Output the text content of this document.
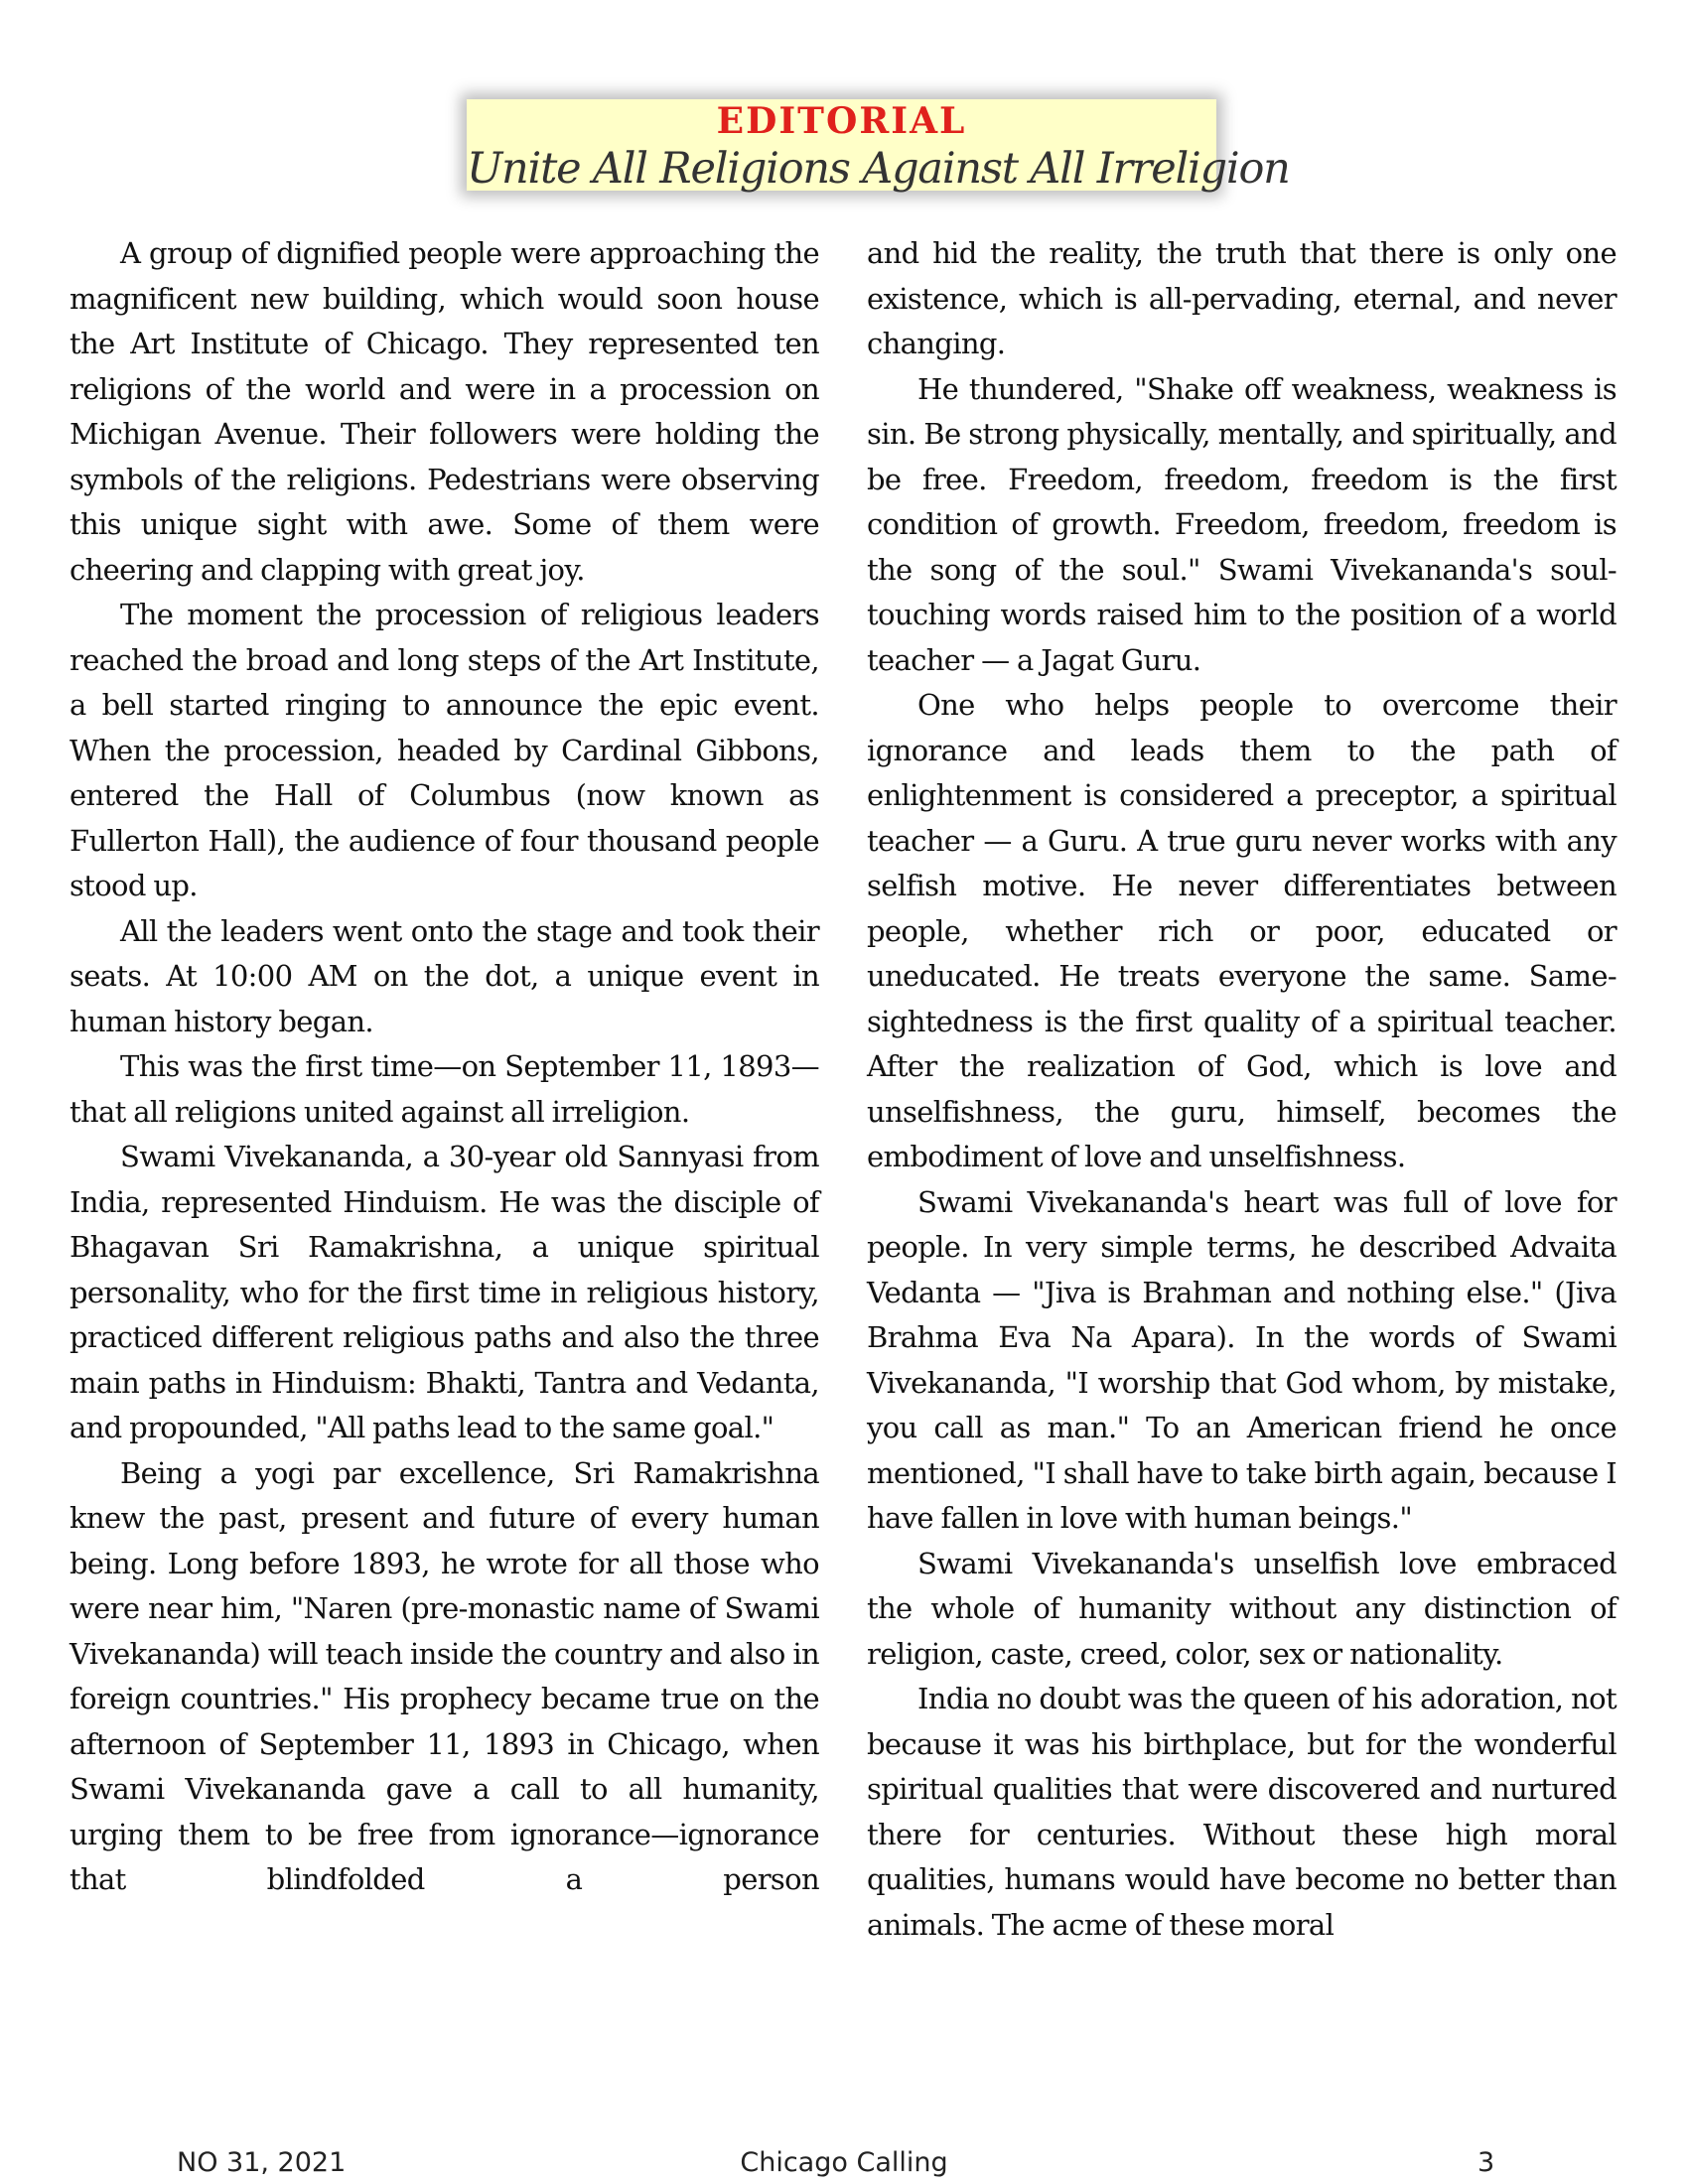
EDITORIAL
Unite All Religions Against All Irreligion

A group of dignified people were approaching the magnificent new building, which would soon house the Art Institute of Chicago. They represented ten religions of the world and were in a procession on Michigan Avenue. Their followers were holding the symbols of the religions. Pedestrians were observing this unique sight with awe. Some of them were cheering and clapping with great joy.

The moment the procession of religious leaders reached the broad and long steps of the Art Institute, a bell started ringing to announce the epic event. When the procession, headed by Cardinal Gibbons, entered the Hall of Columbus (now known as Fullerton Hall), the audience of four thousand people stood up.

All the leaders went onto the stage and took their seats. At 10:00 AM on the dot, a unique event in human history began.

This was the first time—on September 11, 1893—that all religions united against all irreligion.

Swami Vivekananda, a 30-year old Sannyasi from India, represented Hinduism. He was the disciple of Bhagavan Sri Ramakrishna, a unique spiritual personality, who for the first time in religious history, practiced different religious paths and also the three main paths in Hinduism: Bhakti, Tantra and Vedanta, and propounded, "All paths lead to the same goal."

Being a yogi par excellence, Sri Ramakrishna knew the past, present and future of every human being. Long before 1893, he wrote for all those who were near him, "Naren (pre-monastic name of Swami Vivekananda) will teach inside the country and also in foreign countries." His prophecy became true on the afternoon of September 11, 1893 in Chicago, when Swami Vivekananda gave a call to all humanity, urging them to be free from ignorance—ignorance that blindfolded a person

and hid the reality, the truth that there is only one existence, which is all-pervading, eternal, and never changing.

He thundered, "Shake off weakness, weakness is sin. Be strong physically, mentally, and spiritually, and be free. Freedom, freedom, freedom is the first condition of growth. Freedom, freedom, freedom is the song of the soul." Swami Vivekananda's soul-touching words raised him to the position of a world teacher — a Jagat Guru.

One who helps people to overcome their ignorance and leads them to the path of enlightenment is considered a preceptor, a spiritual teacher — a Guru. A true guru never works with any selfish motive. He never differentiates between people, whether rich or poor, educated or uneducated. He treats everyone the same. Same-sightedness is the first quality of a spiritual teacher. After the realization of God, which is love and unselfishness, the guru, himself, becomes the embodiment of love and unselfishness.

Swami Vivekananda's heart was full of love for people. In very simple terms, he described Advaita Vedanta — "Jiva is Brahman and nothing else." (Jiva Brahma Eva Na Apara). In the words of Swami Vivekananda, "I worship that God whom, by mistake, you call as man." To an American friend he once mentioned, "I shall have to take birth again, because I have fallen in love with human beings."

Swami Vivekananda's unselfish love embraced the whole of humanity without any distinction of religion, caste, creed, color, sex or nationality.

India no doubt was the queen of his adoration, not because it was his birthplace, but for the wonderful spiritual qualities that were discovered and nurtured there for centuries. Without these high moral qualities, humans would have become no better than animals. The acme of these moral

Chicago Calling
NO 31, 2021	3
